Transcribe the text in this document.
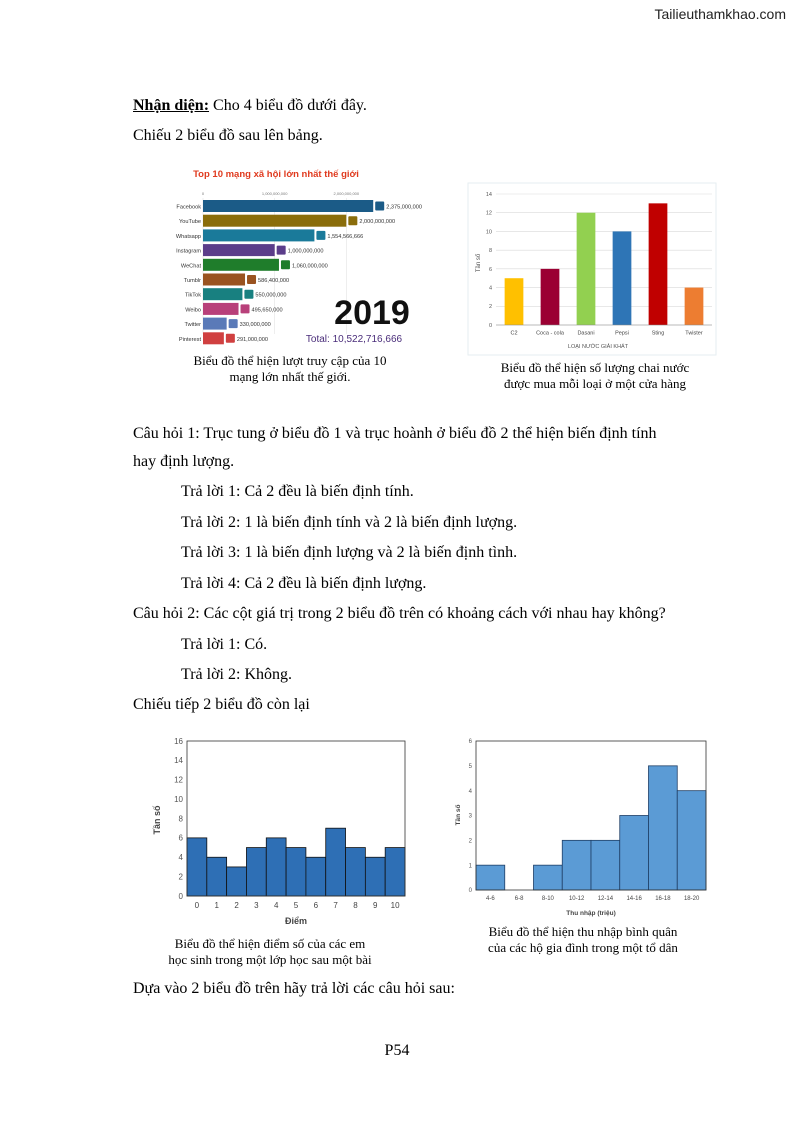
Tailieuthamkhao.com
Nhận diện: Cho 4 biểu đồ dưới đây.
Chiếu 2 biểu đồ sau lên bảng.
Top 10 mạng xã hội lớn nhất thế giới
0	1,000,000,000	2,000,000,000
Facebook	2,375,000,000
YouTube	2,000,000,000
Whatsapp	1,554,566,666
Instagram	1,000,000,000
WeChat	1,060,000,000
Tumblr	586,400,000
TikTok	550,000,000
Weibo	495,650,000
Twitter	330,000,000
Pinterest	291,000,000
2019
Total: 10,522,716,666
Biểu đồ thể hiện lượt truy cập của 10
mạng lớn nhất thế giới.
0
2
4
6
8
10
12
14
C2	Coca - cola Dasani	Pepsi	Sting	Twister
LOẠI NƯỚC GIẢI KHÁT
Tần số
Biểu đồ thể hiện số lượng chai nước
được mua mỗi loại ở một cửa hàng
Câu hỏi 1: Trục tung ở biểu đồ 1 và trục hoành ở biểu đồ 2 thể hiện biến định tính
hay định lượng.
Trả lời 1: Cả 2 đều là biến định tính.
Trả lời 2: 1 là biến định tính và 2 là biến định lượng.
Trả lời 3: 1 là biến định lượng và 2 là biến định tình.
Trả lời 4: Cả 2 đều là biến định lượng.
Câu hỏi 2: Các cột giá trị trong 2 biểu đồ trên có khoảng cách với nhau hay không?
Trả lời 1: Có.
Trả lời 2: Không.
Chiếu tiếp 2 biểu đồ còn lại
0
2
4
6
8
10
12
14
16
0 1 2 3 4 5 6 7 8 9 10
Điểm
Tần số
Biểu đồ thể hiện điểm số của các em
học sinh trong một lớp học sau một bài
0
1
2
3
4
5
6
4-6	6-8	8-10	10-12 12-14 14-16 16-18 18-20
Thu nhập (triệu)
Tần số
Biểu đồ thể hiện thu nhập bình quân
của các hộ gia đình trong một tổ dân
Dựa vào 2 biểu đồ trên hãy trả lời các câu hỏi sau:
P54
